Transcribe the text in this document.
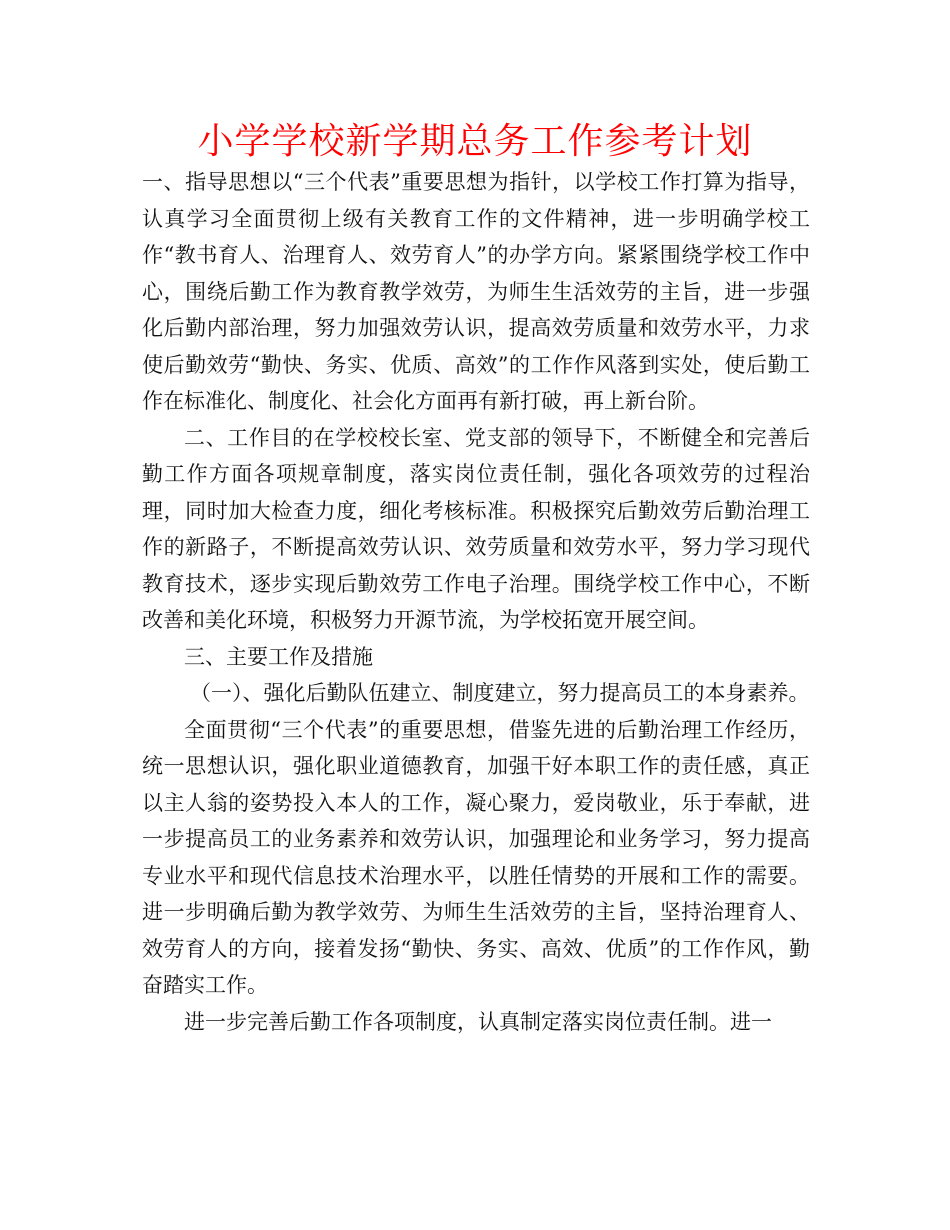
小学学校新学期总务工作参考计划

一、指导思想以“三个代表”重要思想为指针，以学校工作打算为指导，认真学习全面贯彻上级有关教育工作的文件精神，进一步明确学校工作“教书育人、治理育人、效劳育人”的办学方向。紧紧围绕学校工作中心，围绕后勤工作为教育教学效劳，为师生生活效劳的主旨，进一步强化后勤内部治理，努力加强效劳认识，提高效劳质量和效劳水平，力求使后勤效劳“勤快、务实、优质、高效”的工作作风落到实处，使后勤工作在标准化、制度化、社会化方面再有新打破，再上新台阶。

二、工作目的在学校校长室、党支部的领导下，不断健全和完善后勤工作方面各项规章制度，落实岗位责任制，强化各项效劳的过程治理，同时加大检查力度，细化考核标准。积极探究后勤效劳后勤治理工作的新路子，不断提高效劳认识、效劳质量和效劳水平，努力学习现代教育技术，逐步实现后勤效劳工作电子治理。围绕学校工作中心，不断改善和美化环境，积极努力开源节流，为学校拓宽开展空间。

三、主要工作及措施

（一）、强化后勤队伍建立、制度建立，努力提高员工的本身素养。

全面贯彻“三个代表”的重要思想，借鉴先进的后勤治理工作经历，统一思想认识，强化职业道德教育，加强干好本职工作的责任感，真正以主人翁的姿势投入本人的工作，凝心聚力，爱岗敬业，乐于奉献，进一步提高员工的业务素养和效劳认识，加强理论和业务学习，努力提高专业水平和现代信息技术治理水平，以胜任情势的开展和工作的需要。进一步明确后勤为教学效劳、为师生生活效劳的主旨，坚持治理育人、效劳育人的方向，接着发扬“勤快、务实、高效、优质”的工作作风，勤奋踏实工作。

进一步完善后勤工作各项制度，认真制定落实岗位责任制。进一
